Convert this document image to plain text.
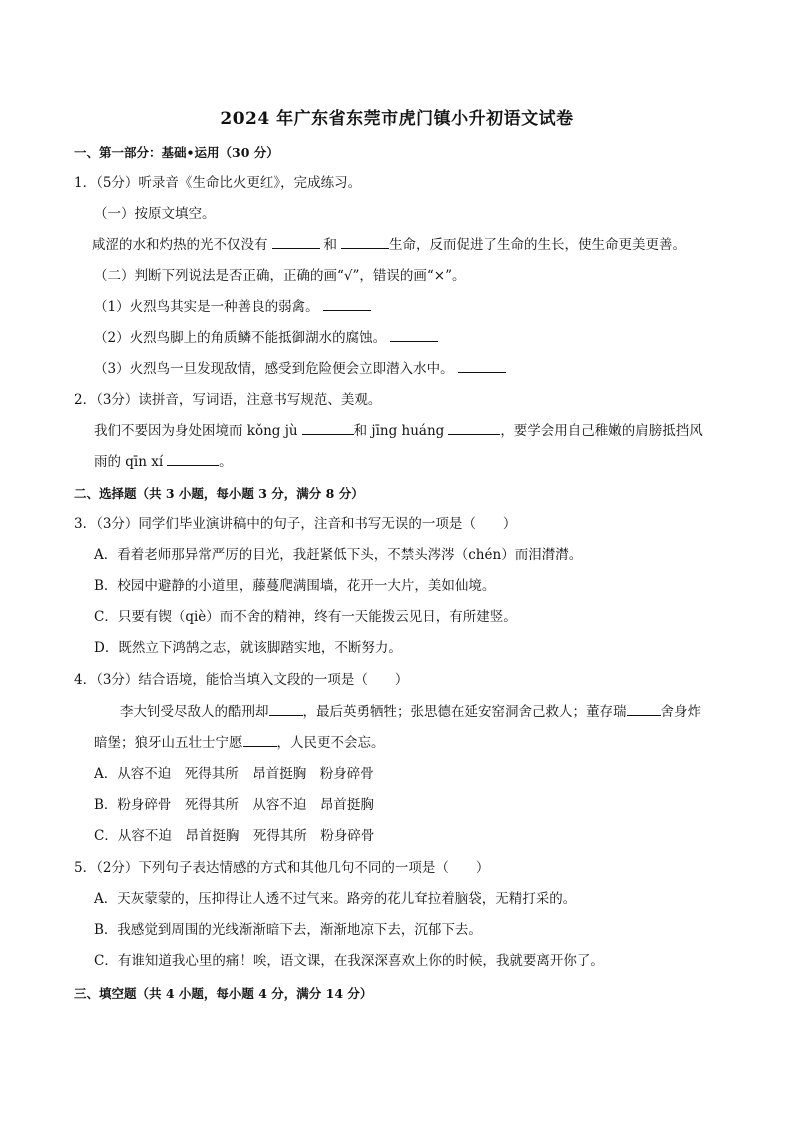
2024 年广东省东莞市虎门镇小升初语文试卷
一、第一部分：基础•运用（30 分）
1．（5分）听录音《生命比火更红》，完成练习。
（一）按原文填空。
咸涩的水和灼热的光不仅没有	和	生命，反而促进了生命的生长，使生命更美更善。
（二）判断下列说法是否正确，正确的画“√”，错误的画“×”。
（1）火烈鸟其实是一种善良的弱禽。
（2）火烈鸟脚上的角质鳞不能抵御湖水的腐蚀。
（3）火烈鸟一旦发现敌情，感受到危险便会立即潜入水中。
2．（3分）读拼音，写词语，注意书写规范、美观。
我们不要因为身处困境而 kǒng jù	和 jīng huáng	，要学会用自己稚嫩的肩膀抵挡风
雨的 qīn xí	。
二、选择题（共 3 小题，每小题 3 分，满分 8 分）
3．（3分）同学们毕业演讲稿中的句子，注音和书写无误的一项是（　　）
A．看着老师那异常严厉的目光，我赶紧低下头，不禁头涔涔（chén）而泪潸潸。
B．校园中避静的小道里，藤蔓爬满围墙，花开一大片，美如仙境。
C．只要有锲（qiè）而不舍的精神，终有一天能拨云见日，有所建竖。
D．既然立下鸿鹄之志，就该脚踏实地，不断努力。
4．（3分）结合语境，能恰当填入文段的一项是（　　）
李大钊受尽敌人的酷刑却	，最后英勇牺牲；张思德在延安窑洞舍己救人；董存瑞	舍身炸
暗堡；狼牙山五壮士宁愿	，人民更不会忘。
A．从容不迫　死得其所　昂首挺胸　粉身碎骨
B．粉身碎骨　死得其所　从容不迫　昂首挺胸
C．从容不迫　昂首挺胸　死得其所　粉身碎骨
5．（2分）下列句子表达情感的方式和其他几句不同的一项是（　　）
A．天灰蒙蒙的，压抑得让人透不过气来。路旁的花儿耷拉着脑袋，无精打采的。
B．我感觉到周围的光线渐渐暗下去，渐渐地凉下去，沉郁下去。
C．有谁知道我心里的痛！唉，语文课，在我深深喜欢上你的时候，我就要离开你了。
三、填空题（共 4 小题，每小题 4 分，满分 14 分）
